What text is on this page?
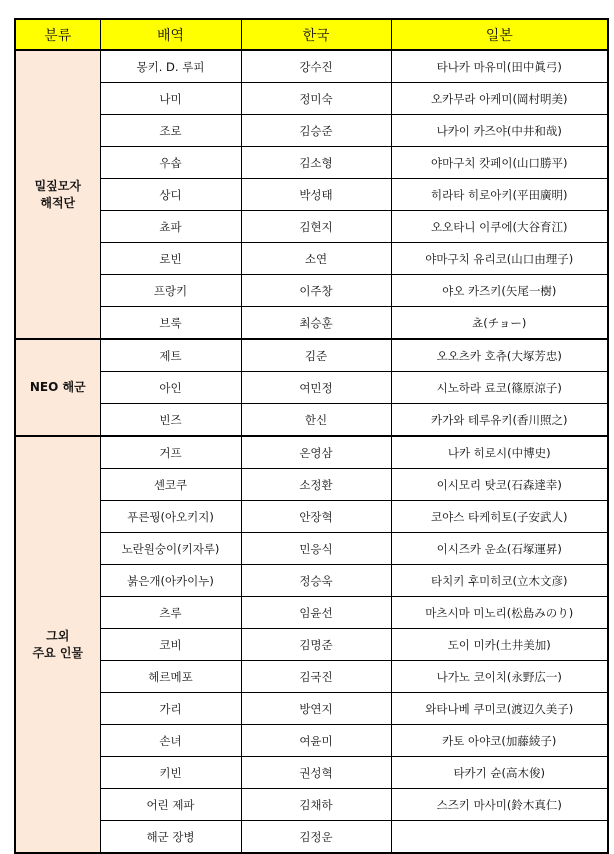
분류	배역	한국	일본
밀짚모자
해적단	몽키. D. 루피	강수진	타나카 마유미(田中眞弓)
	나미	정미숙	오카무라 아케미(岡村明美)
	조로	김승준	나카이 카즈야(中井和哉)
	우솝	김소형	야마구치 캇페이(山口勝平)
	상디	박성태	히라타 히로아키(平田廣明)
	쵸파	김현지	오오타니 이쿠에(大谷育江)
	로빈	소연	야마구치 유리코(山口由理子)
	프랑키	이주창	야오 카즈키(矢尾一樹)
	브룩	최승훈	쵸(チョー)
NEO 해군	제트	김준	오오츠카 호츄(大塚芳忠)
	아인	여민정	시노하라 료코(篠原涼子)
	빈즈	한신	카가와 테루유키(香川照之)
그외
주요 인물	거프	온영삼	나카 히로시(中博史)
	센코쿠	소정환	이시모리 탓코(石森達幸)
	푸른꿩(아오키지)	안장혁	코야스 타케히토(子安武人)
	노란원숭이(키자루)	민응식	이시즈카 운쇼(石塚運昇)
	붉은개(아카이누)	정승욱	타치키 후미히코(立木文彦)
	츠루	임윤선	마츠시마 미노리(松島みのり)
	코비	김명준	도이 미카(土井美加)
	헤르메포	김국진	나가노 코이치(永野広一)
	가리	방연지	와타나베 쿠미코(渡辺久美子)
	손녀	여윤미	카토 아야코(加藤綾子)
	키빈	권성혁	타카기 슌(高木俊)
	어린 제파	김채하	스즈키 마사미(鈴木真仁)
	해군 장병	김정운	
